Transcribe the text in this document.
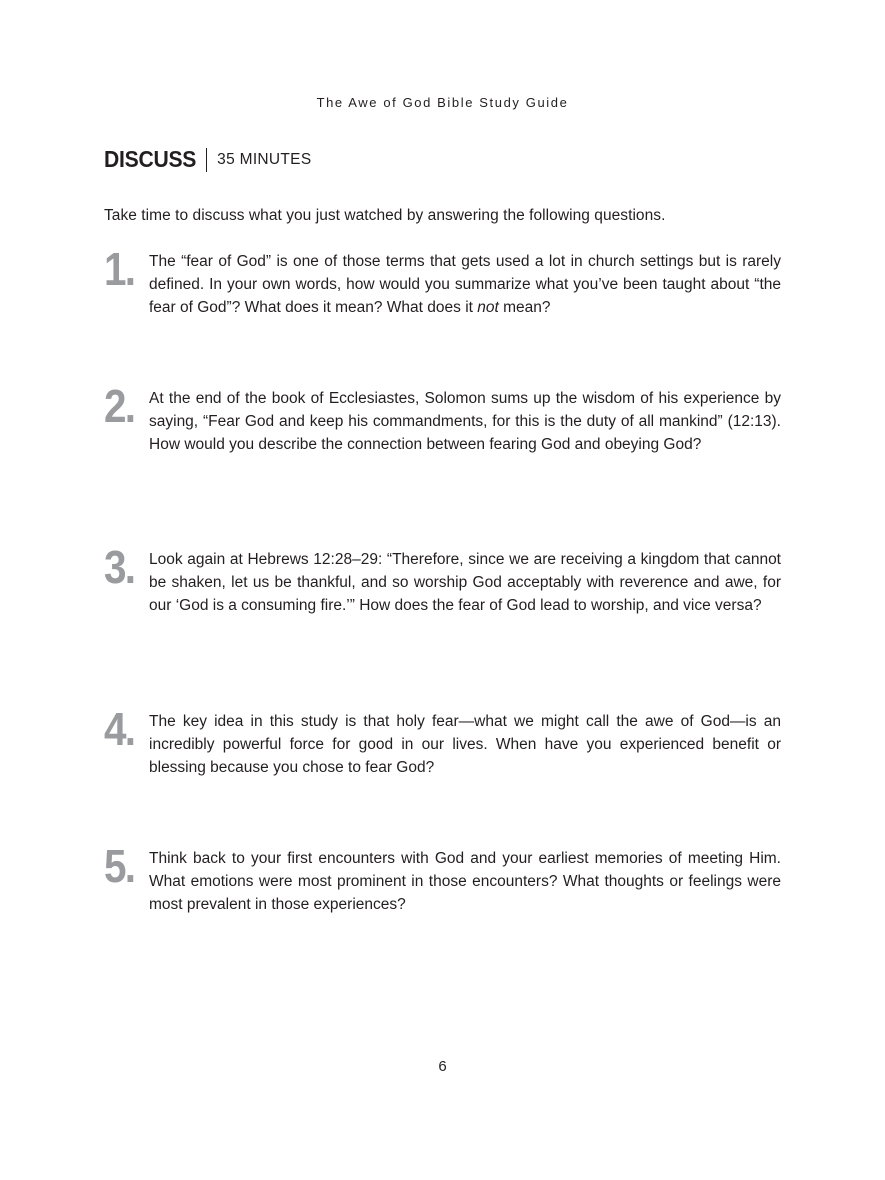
The Awe of God Bible Study Guide
DISCUSS 35 MINUTES

Take time to discuss what you just watched by answering the following questions.

1. The “fear of God” is one of those terms that gets used a lot in church settings but is rarely defined. In your own words, how would you summarize what you’ve been taught about “the fear of God”? What does it mean? What does it not mean?
2. At the end of the book of Ecclesiastes, Solomon sums up the wisdom of his experience by saying, “Fear God and keep his commandments, for this is the duty of all mankind” (12:13). How would you describe the connection between fearing God and obeying God?
3. Look again at Hebrews 12:28–29: “Therefore, since we are receiving a kingdom that cannot be shaken, let us be thankful, and so worship God acceptably with reverence and awe, for our ‘God is a consuming fire.’” How does the fear of God lead to worship, and vice versa?
4. The key idea in this study is that holy fear—what we might call the awe of God—is an incredibly powerful force for good in our lives. When have you experienced benefit or blessing because you chose to fear God?
5. Think back to your first encounters with God and your earliest memories of meeting Him. What emotions were most prominent in those encounters? What thoughts or feelings were most prevalent in those experiences?
6
